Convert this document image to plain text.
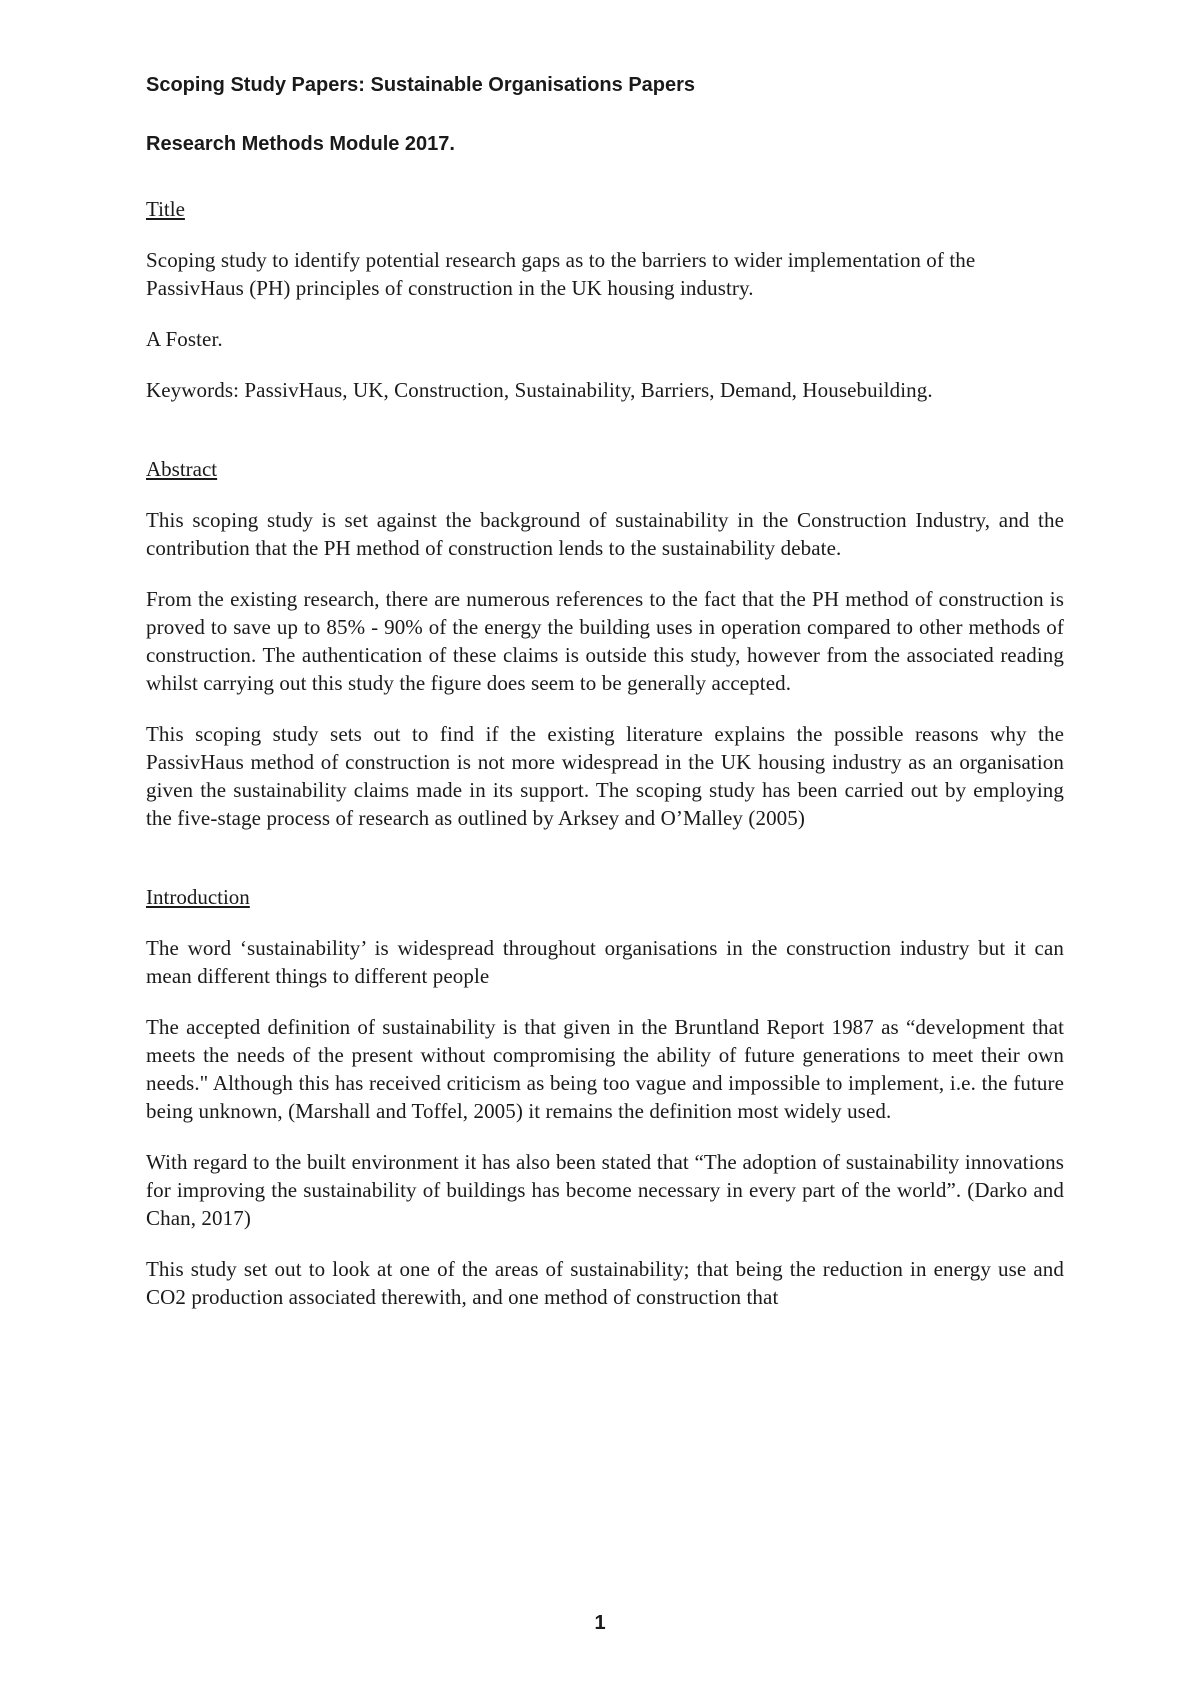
Scoping Study Papers: Sustainable Organisations Papers

Research Methods Module 2017.

Title

Scoping study to identify potential research gaps as to the barriers to wider implementation of the PassivHaus (PH) principles of construction in the UK housing industry.

A Foster.

Keywords: PassivHaus, UK, Construction, Sustainability, Barriers, Demand, Housebuilding.

Abstract

This scoping study is set against the background of sustainability in the Construction Industry, and the contribution that the PH method of construction lends to the sustainability debate.

From the existing research, there are numerous references to the fact that the PH method of construction is proved to save up to 85% - 90% of the energy the building uses in operation compared to other methods of construction. The authentication of these claims is outside this study, however from the associated reading whilst carrying out this study the figure does seem to be generally accepted.

This scoping study sets out to find if the existing literature explains the possible reasons why the PassivHaus method of construction is not more widespread in the UK housing industry as an organisation given the sustainability claims made in its support. The scoping study has been carried out by employing the five-stage process of research as outlined by Arksey and O’Malley (2005)

Introduction

The word ‘sustainability’ is widespread throughout organisations in the construction industry but it can mean different things to different people

The accepted definition of sustainability is that given in the Bruntland Report 1987 as “development that meets the needs of the present without compromising the ability of future generations to meet their own needs." Although this has received criticism as being too vague and impossible to implement, i.e. the future being unknown, (Marshall and Toffel, 2005) it remains the definition most widely used.

With regard to the built environment it has also been stated that “The adoption of sustainability innovations for improving the sustainability of buildings has become necessary in every part of the world”. (Darko and Chan, 2017)

This study set out to look at one of the areas of sustainability; that being the reduction in energy use and CO2 production associated therewith, and one method of construction that

1
